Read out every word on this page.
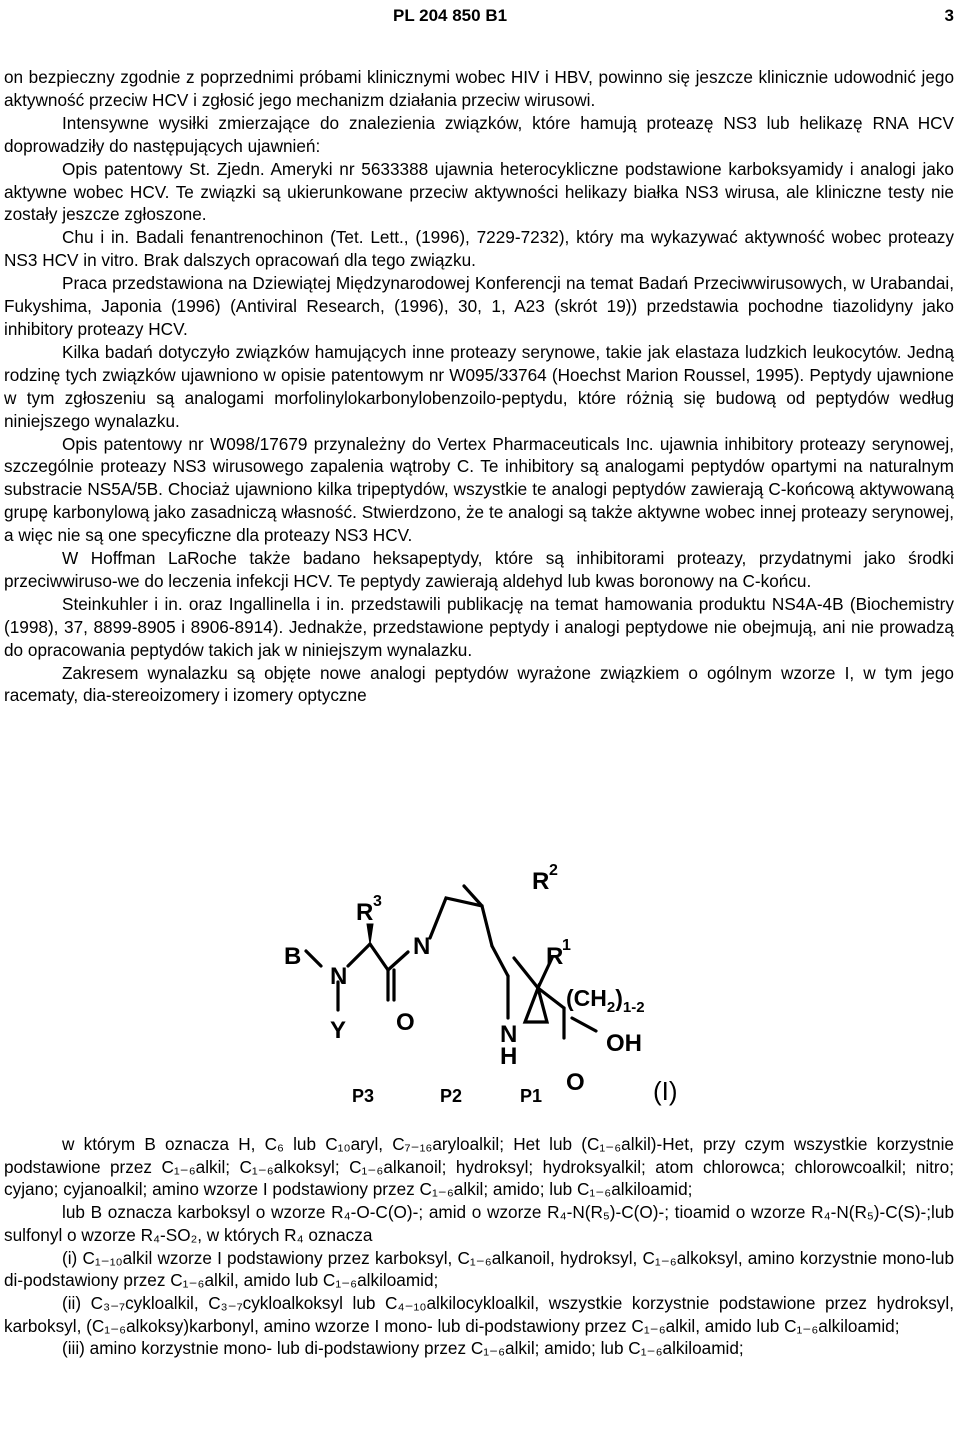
PL 204 850 B1	3

on bezpieczny zgodnie z poprzednimi próbami klinicznymi wobec HIV i HBV, powinno się jeszcze klinicznie udowodnić jego aktywność przeciw HCV i zgłosić jego mechanizm działania przeciw wirusowi.

Intensywne wysiłki zmierzające do znalezienia związków, które hamują proteazę NS3 lub helikazę RNA HCV doprowadziły do następujących ujawnień:

Opis patentowy St. Zjedn. Ameryki nr 5633388 ujawnia heterocykliczne podstawione karboksyamidy i analogi jako aktywne wobec HCV. Te związki są ukierunkowane przeciw aktywności helikazy białka NS3 wirusa, ale kliniczne testy nie zostały jeszcze zgłoszone.

Chu i in. Badali fenantrenochinon (Tet. Lett., (1996), 7229-7232), który ma wykazywać aktywność wobec proteazy NS3 HCV in vitro. Brak dalszych opracowań dla tego związku.

Praca przedstawiona na Dziewiątej Międzynarodowej Konferencji na temat Badań Przeciwwirusowych, w Urabandai, Fukyshima, Japonia (1996) (Antiviral Research, (1996), 30, 1, A23 (skrót 19)) przedstawia pochodne tiazolidyny jako inhibitory proteazy HCV.

Kilka badań dotyczyło związków hamujących inne proteazy serynowe, takie jak elastaza ludzkich leukocytów. Jedną rodzinę tych związków ujawniono w opisie patentowym nr W095/33764 (Hoechst Marion Roussel, 1995). Peptydy ujawnione w tym zgłoszeniu są analogami morfolinylokarbonylobenzoilo-peptydu, które różnią się budową od peptydów według niniejszego wynalazku.

Opis patentowy nr W098/17679 przynależny do Vertex Pharmaceuticals Inc. ujawnia inhibitory proteazy serynowej, szczególnie proteazy NS3 wirusowego zapalenia wątroby C. Te inhibitory są analogami peptydów opartymi na naturalnym substracie NS5A/5B. Chociaż ujawniono kilka tripeptydów, wszystkie te analogi peptydów zawierają C-końcową aktywowaną grupę karbonylową jako zasadniczą własność. Stwierdzono, że te analogi są także aktywne wobec innej proteazy serynowej, a więc nie są one specyficzne dla proteazy NS3 HCV.

W Hoffman LaRoche także badano heksapeptydy, które są inhibitorami proteazy, przydatnymi jako środki przeciwwiruso-we do leczenia infekcji HCV. Te peptydy zawierają aldehyd lub kwas boronowy na C-końcu.

Steinkuhler i in. oraz Ingallinella i in. przedstawili publikację na temat hamowania produktu NS4A-4B (Biochemistry (1998), 37, 8899-8905 i 8906-8914). Jednakże, przedstawione peptydy i analogi peptydowe nie obejmują, ani nie prowadzą do opracowania peptydów takich jak w niniejszym wynalazku.

Zakresem wynalazku są objęte nowe analogi peptydów wyrażone związkiem o ogólnym wzorze I, w tym jego racematy, dia-stereoizomery i izomery optyczne

B
N
Y
R 3
O
N
R 2
R
1
$(CH_2)_{1-2}$
N
H	OH
O
P3	P2	P1	(I)

w którym B oznacza H, C₆ lub C₁₀aryl, C₇₋₁₆aryloalkil; Het lub (C₁₋₆alkil)-Het, przy czym wszystkie korzystnie podstawione przez C₁₋₆alkil; C₁₋₆alkoksyl; C₁₋₆alkanoil; hydroksyl; hydroksyalkil; atom chlorowca; chlorowcoalkil; nitro; cyjano; cyjanoalkil; amino wzorze I podstawiony przez C₁₋₆alkil; amido; lub C₁₋₆alkiloamid;

lub B oznacza karboksyl o wzorze R₄-O-C(O)-; amid o wzorze R₄-N(R₅)-C(O)-; tioamid o wzorze R₄-N(R₅)-C(S)-;lub sulfonyl o wzorze R₄-SO₂, w których R₄ oznacza

(i) C₁₋₁₀alkil wzorze I podstawiony przez karboksyl, C₁₋₆alkanoil, hydroksyl, C₁₋₆alkoksyl, amino korzystnie mono-lub di-podstawiony przez C₁₋₆alkil, amido lub C₁₋₆alkiloamid;

(ii) C₃₋₇cykloalkil, C₃₋₇cykloalkoksyl lub C₄₋₁₀alkilocykloalkil, wszystkie korzystnie podstawione przez hydroksyl, karboksyl, (C₁₋₆alkoksy)karbonyl, amino wzorze I mono- lub di-podstawiony przez C₁₋₆alkil, amido lub C₁₋₆alkiloamid;

(iii) amino korzystnie mono- lub di-podstawiony przez C₁₋₆alkil; amido; lub C₁₋₆alkiloamid;
